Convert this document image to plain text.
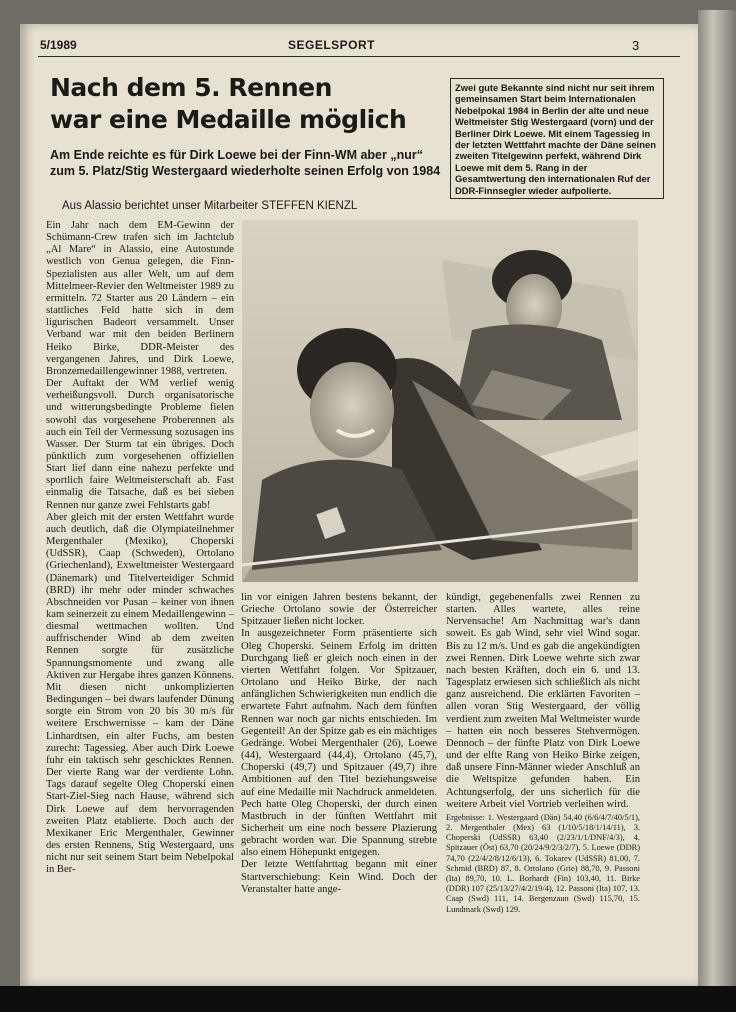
5/1989	SEGELSPORT	3
Nach dem 5. Rennen
war eine Medaille möglich
Am Ende reichte es für Dirk Loewe bei der Finn-WM aber „nur“ zum 5. Platz/Stig Westergaard wiederholte seinen Erfolg von 1984
Aus Alassio berichtet unser Mitarbeiter STEFFEN KIENZL
Zwei gute Bekannte sind nicht nur seit ihrem gemeinsamen Start beim Internationalen Nebelpokal 1984 in Berlin der alte und neue Weltmeister Stig Westergaard (vorn) und der Berliner Dirk Loewe. Mit einem Tagessieg in der letzten Wettfahrt machte der Däne seinen zweiten Titelgewinn perfekt, während Dirk Loewe mit dem 5. Rang in der Gesamtwertung den internationalen Ruf der DDR-Finnsegler wieder aufpolierte.

Ein Jahr nach dem EM-Gewinn der Schümann-Crew trafen sich im Jachtclub „Al Mare“ in Alassio, eine Autostunde westlich von Genua gelegen, die Finn-Spezialisten aus aller Welt, um auf dem Mittelmeer-Revier den Weltmeister 1989 zu ermitteln. 72 Starter aus 20 Ländern – ein stattliches Feld hatte sich in dem ligurischen Badeort versammelt. Unser Verband war mit den beiden Berlinern Heiko Birke, DDR-Meister des vergangenen Jahres, und Dirk Loewe, Bronzemedaillengewinner 1988, vertreten.

Der Auftakt der WM verlief wenig verheißungsvoll. Durch organisatorische und witterungsbedingte Probleme fielen sowohl das vorgesehene Proberennen als auch ein Teil der Vermessung sozusagen ins Wasser. Der Sturm tat ein übriges. Doch pünktlich zum vorgesehenen offiziellen Start lief dann eine nahezu perfekte und sportlich faire Weltmeisterschaft ab. Fast einmalig die Tatsache, daß es bei sieben Rennen nur ganze zwei Fehlstarts gab!

Aber gleich mit der ersten Wettfahrt wurde auch deutlich, daß die Olympiateilnehmer Mergenthaler (Mexiko), Choperski (UdSSR), Caap (Schweden), Ortolano (Griechenland), Exweltmeister Westergaard (Dänemark) und Titelverteidiger Schmid (BRD) ihr mehr oder minder schwaches Abschneiden vor Pusan – keiner von ihnen kam seinerzeit zu einem Medaillengewinn – diesmal wettmachen wollten. Und auffrischender Wind ab dem zweiten Rennen sorgte für zusätzliche Spannungsmomente und zwang alle Aktiven zur Hergabe ihres ganzen Könnens. Mit diesen nicht unkomplizierten Bedingungen – bei dwars laufender Dünung sorgte ein Strom von 20 bis 30 m/s für weitere Erschwernisse – kam der Däne Linhardtsen, ein alter Fuchs, am besten zurecht: Tagessieg. Aber auch Dirk Loewe fuhr ein taktisch sehr geschicktes Rennen. Der vierte Rang war der verdiente Lohn. Tags darauf segelte Oleg Choperski einen Start-Ziel-Sieg nach Hause, während sich Dirk Loewe auf dem hervorragenden zweiten Platz etablierte. Doch auch der Mexikaner Eric Mergenthaler, Gewinner des ersten Rennens, Stig Westergaard, uns nicht nur seit seinem Start beim Nebelpokal in Ber-

lin vor einigen Jahren bestens bekannt, der Grieche Ortolano sowie der Österreicher Spitzauer ließen nicht locker.

In ausgezeichneter Form präsentierte sich Oleg Choperski. Seinem Erfolg im dritten Durchgang ließ er gleich noch einen in der vierten Wettfahrt folgen. Vor Spitzauer, Ortolano und Heiko Birke, der nach anfänglichen Schwierigkeiten nun endlich die erwartete Fahrt aufnahm. Nach dem fünften Rennen war noch gar nichts entschieden. Im Gegenteil! An der Spitze gab es ein mächtiges Gedränge. Wobei Mergenthaler (26), Loewe (44), Westergaard (44,4), Ortolano (45,7), Choperski (49,7) und Spitzauer (49,7) ihre Ambitionen auf den Titel beziehungsweise auf eine Medaille mit Nachdruck anmeldeten. Pech hatte Oleg Choperski, der durch einen Mastbruch in der fünften Wettfahrt mit Sicherheit um eine noch bessere Plazierung gebracht worden war. Die Spannung strebte also einem Höhepunkt entgegen.

Der letzte Wettfahrttag begann mit einer Startverschiebung: Kein Wind. Doch der Veranstalter hatte ange-

kündigt, gegebenenfalls zwei Rennen zu starten. Alles wartete, alles reine Nervensache! Am Nachmittag war's dann soweit. Es gab Wind, sehr viel Wind sogar. Bis zu 12 m/s. Und es gab die angekündigten zwei Rennen. Dirk Loewe wehrte sich zwar nach besten Kräften, doch ein 6. und 13. Tagesplatz erwiesen sich schließlich als nicht ganz ausreichend. Die erklärten Favoriten – allen voran Stig Westergaard, der völlig verdient zum zweiten Mal Weltmeister wurde – hatten ein noch besseres Stehvermögen. Dennoch – der fünfte Platz von Dirk Loewe und der elfte Rang von Heiko Birke zeigen, daß unsere Finn-Männer wieder Anschluß an die Weltspitze gefunden haben. Ein Achtungserfolg, der uns sicherlich für die weitere Arbeit viel Vortrieb verleihen wird.

Ergebnisse: 1. Westergaard (Dän) 54,40 (6/6/4/7/40/5/1), 2. Mergenthaler (Mex) 63 (1/10/5/18/1/14/11), 3. Choperski (UdSSR) 63,40 (2/23/1/1/DNF/4/3), 4. Spitzauer (Öst) 63,70 (20/24/9/2/3/2/7), 5. Loewe (DDR) 74,70 (22/4/2/8/12/6/13), 6. Tokarev (UdSSR) 81,00, 7. Schmid (BRD) 87, 8. Ortolano (Grie) 88,70, 9. Passoni (Ita) 89,70, 10. L. Borhardt (Fin) 103,40, 11. Birke (DDR) 107 (25/13/27/4/2/19/4), 12. Passoni (Ita) 107, 13. Caap (Swd) 111, 14. Bergenzaun (Swd) 115,70, 15. Lundmark (Swd) 129.
